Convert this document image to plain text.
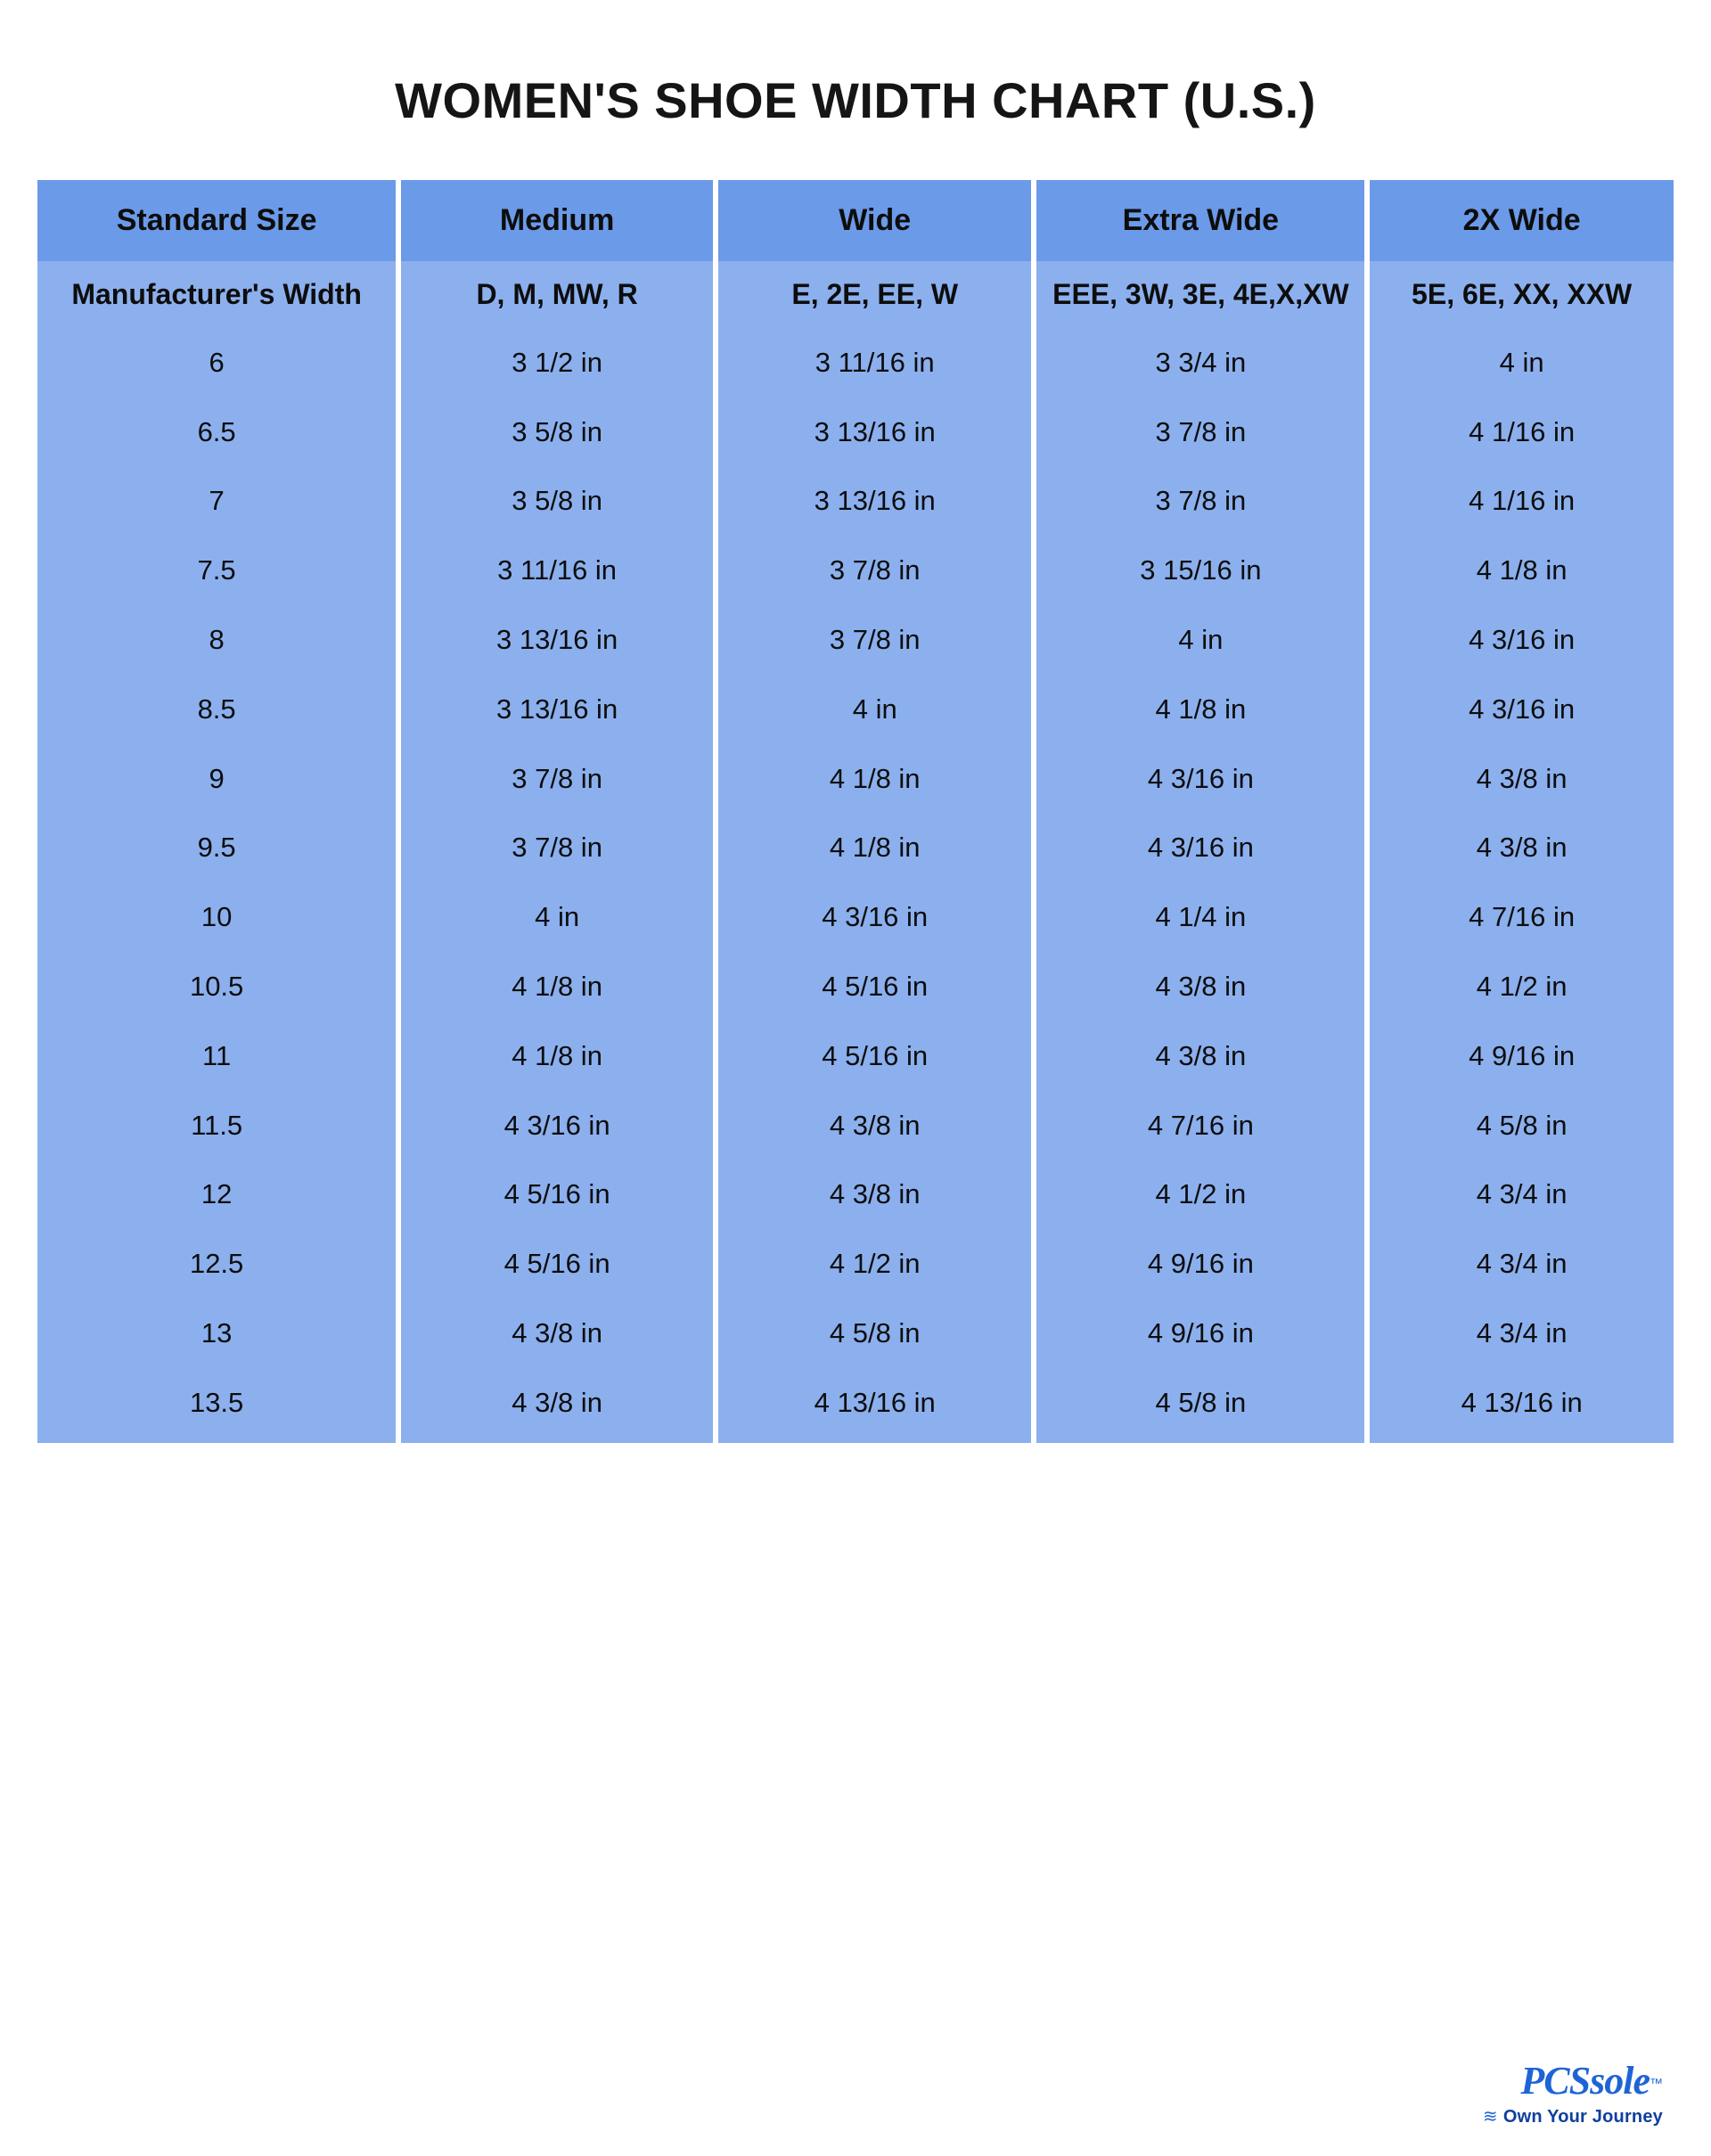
WOMEN'S SHOE WIDTH CHART (U.S.)
Standard Size	Medium	Wide	Extra Wide	2X Wide
Manufacturer's Width	D, M, MW, R	E, 2E, EE, W	EEE, 3W, 3E, 4E,X,XW	5E, 6E, XX, XXW
6	3 1/2 in	3 11/16 in	3 3/4 in	4 in
6.5	3 5/8 in	3 13/16 in	3 7/8 in	4 1/16 in
7	3 5/8 in	3 13/16 in	3 7/8 in	4 1/16 in
7.5	3 11/16 in	3 7/8 in	3 15/16 in	4 1/8 in
8	3 13/16 in	3 7/8 in	4 in	4 3/16 in
8.5	3 13/16 in	4 in	4 1/8 in	4 3/16 in
9	3 7/8 in	4 1/8 in	4 3/16 in	4 3/8 in
9.5	3 7/8 in	4 1/8 in	4 3/16 in	4 3/8 in
10	4 in	4 3/16 in	4 1/4 in	4 7/16 in
10.5	4 1/8 in	4 5/16 in	4 3/8 in	4 1/2 in
11	4 1/8 in	4 5/16 in	4 3/8 in	4 9/16 in
11.5	4 3/16 in	4 3/8 in	4 7/16 in	4 5/8 in
12	4 5/16 in	4 3/8 in	4 1/2 in	4 3/4 in
12.5	4 5/16 in	4 1/2 in	4 9/16 in	4 3/4 in
13	4 3/8 in	4 5/8 in	4 9/16 in	4 3/4 in
13.5	4 3/8 in	4 13/16 in	4 5/8 in	4 13/16 in
PCSsole™
≋ Own Your Journey
